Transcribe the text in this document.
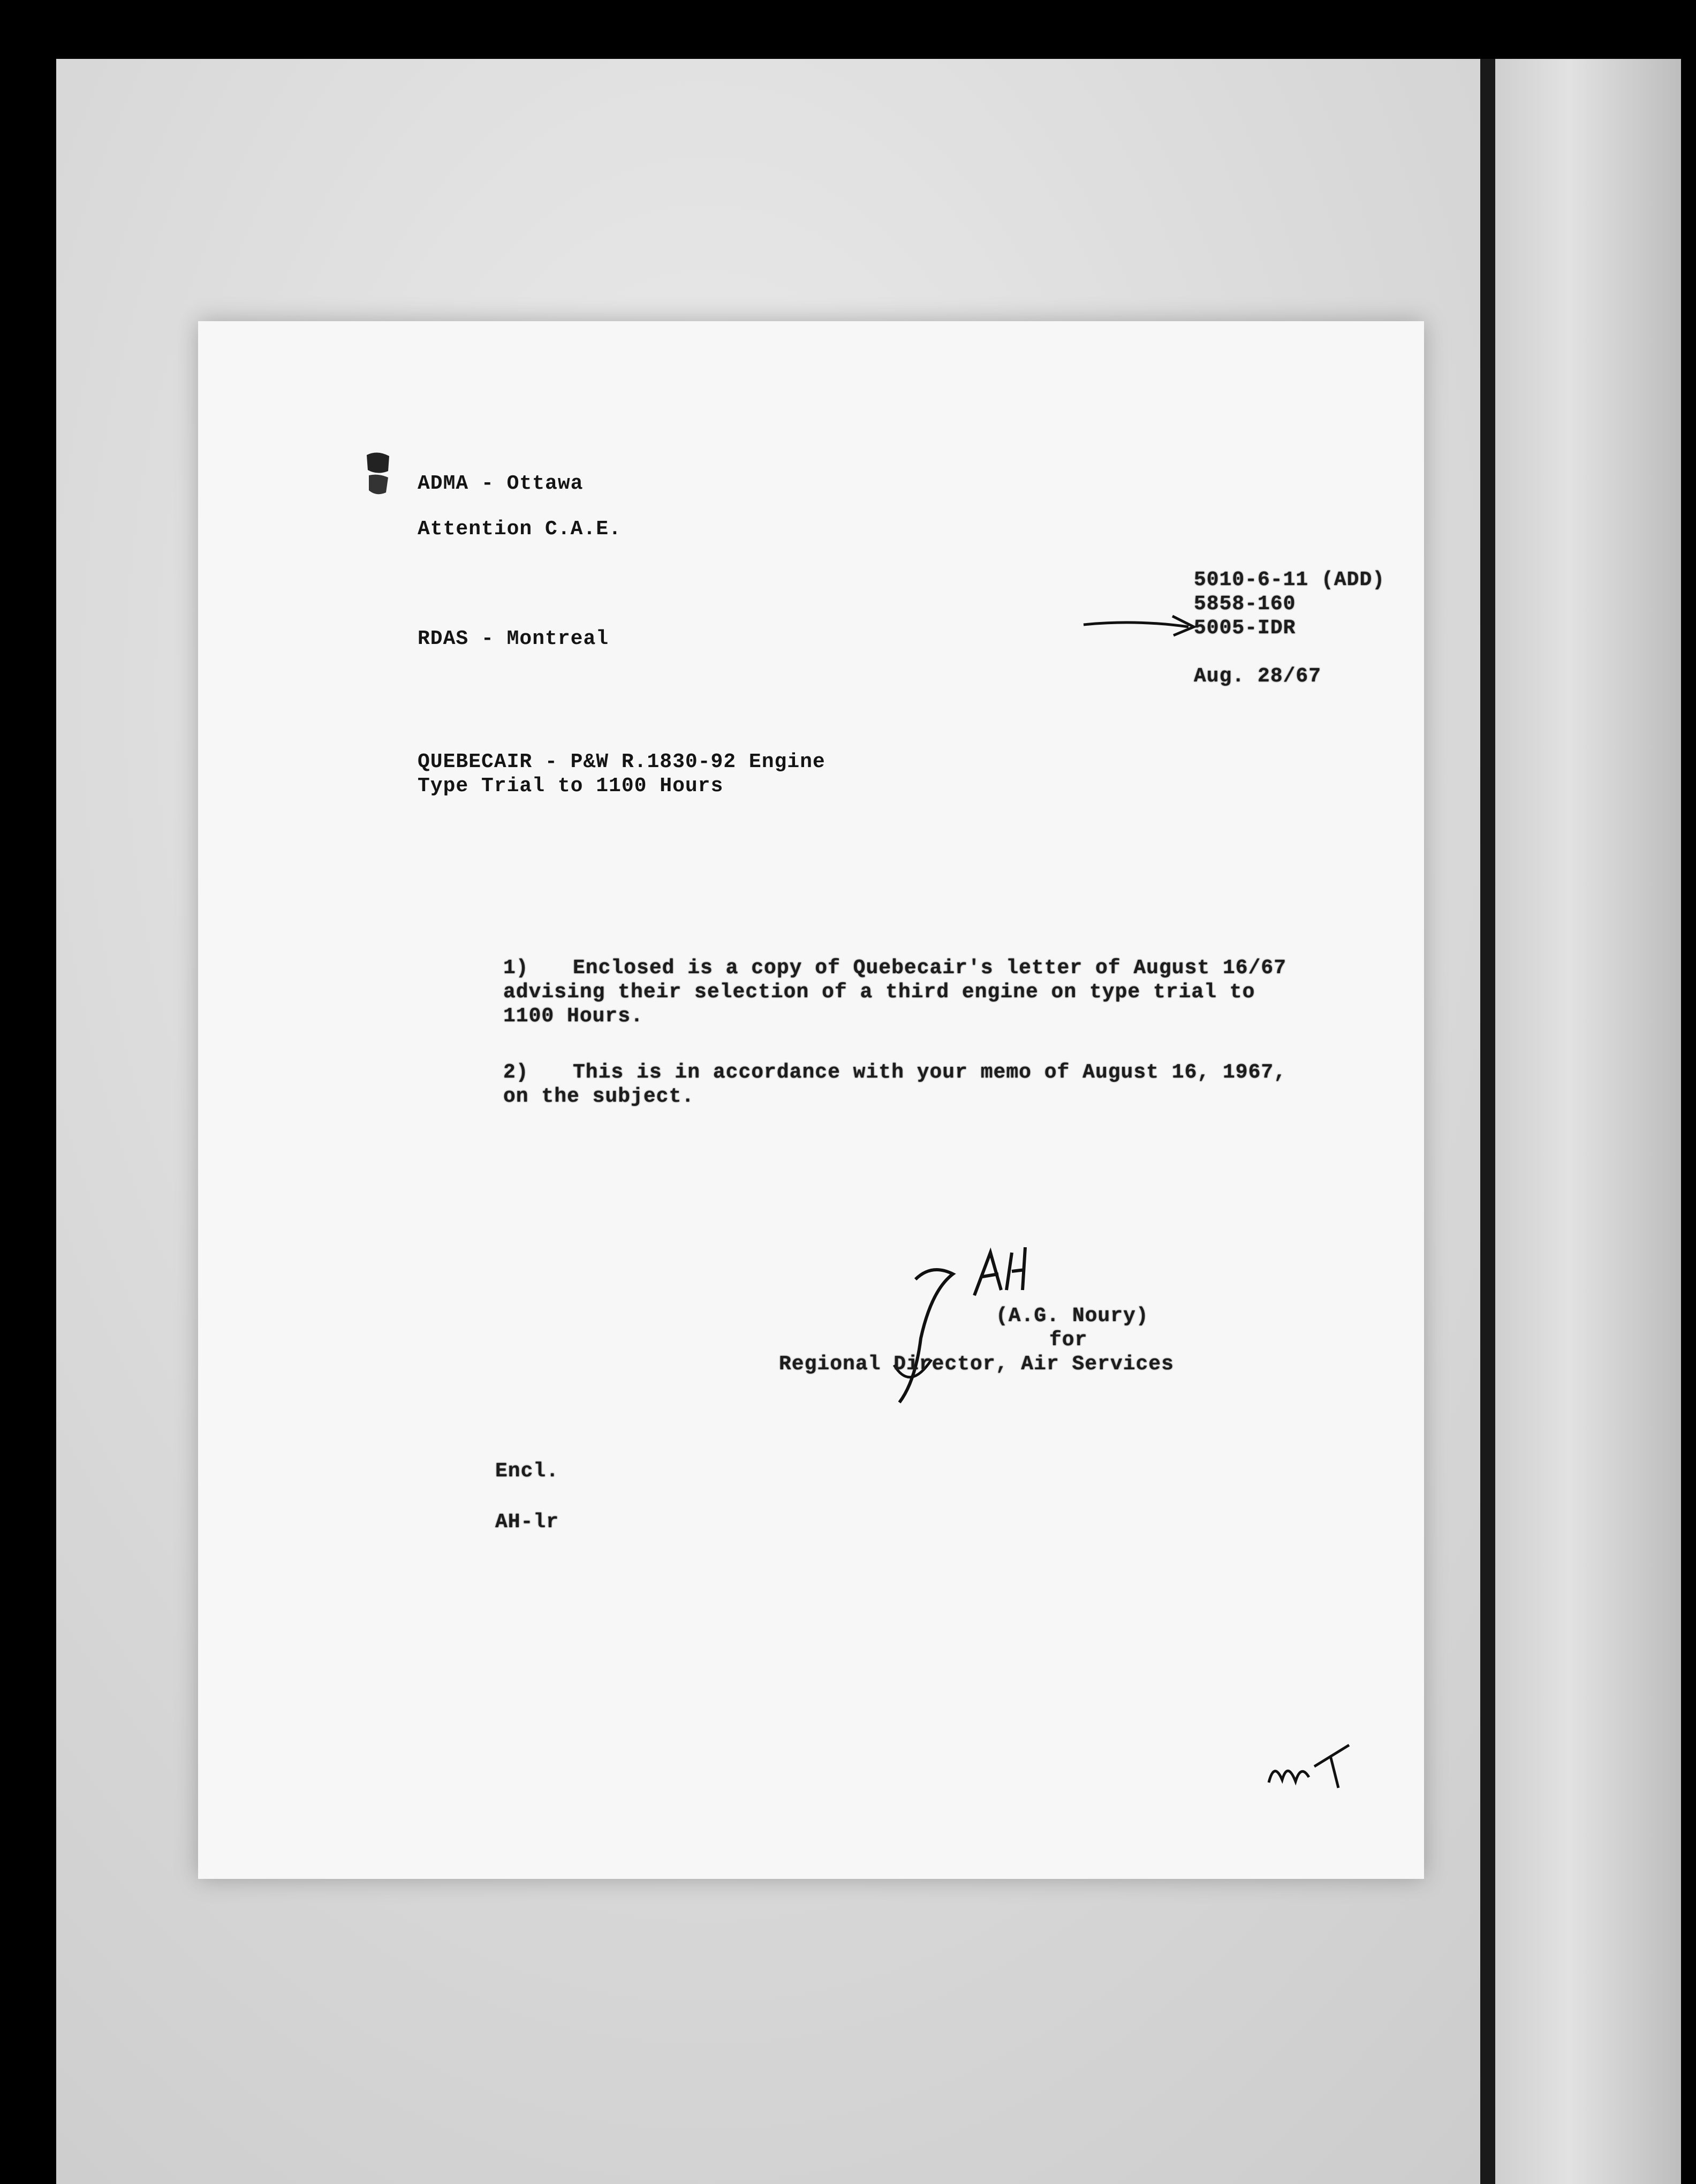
ADMA - Ottawa
Attention C.A.E.
5010-6-11 (ADD)
5858-160
5005-IDR
RDAS - Montreal
Aug. 28/67
QUEBECAIR - P&W R.1830-92 Engine
Type Trial to 1100 Hours
1) Enclosed is a copy of Quebecair's letter of August 16/67
advising their selection of a third engine on type trial to
1100 Hours.
2) This is in accordance with your memo of August 16, 1967,
on the subject.
(A.G. Noury)
for
Regional Director, Air Services
Encl.
AH-lr
